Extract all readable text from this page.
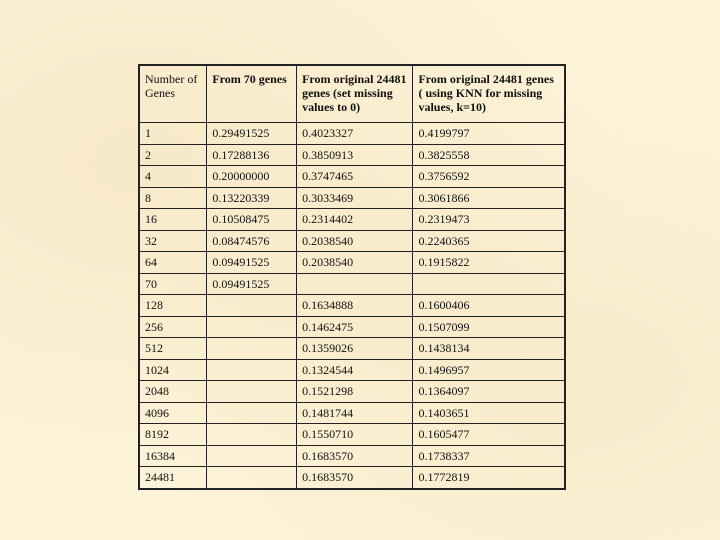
Number of Genes	From 70 genes	From original 24481 genes (set missing values to 0)	From original 24481 genes ( using KNN for missing values, k=10)
1	0.29491525	0.4023327	0.4199797
2	0.17288136	0.3850913	0.3825558
4	0.20000000	0.3747465	0.3756592
8	0.13220339	0.3033469	0.3061866
16	0.10508475	0.2314402	0.2319473
32	0.08474576	0.2038540	0.2240365
64	0.09491525	0.2038540	0.1915822
70	0.09491525		
128		0.1634888	0.1600406
256		0.1462475	0.1507099
512		0.1359026	0.1438134
1024		0.1324544	0.1496957
2048		0.1521298	0.1364097
4096		0.1481744	0.1403651
8192		0.1550710	0.1605477
16384		0.1683570	0.1738337
24481		0.1683570	0.1772819
